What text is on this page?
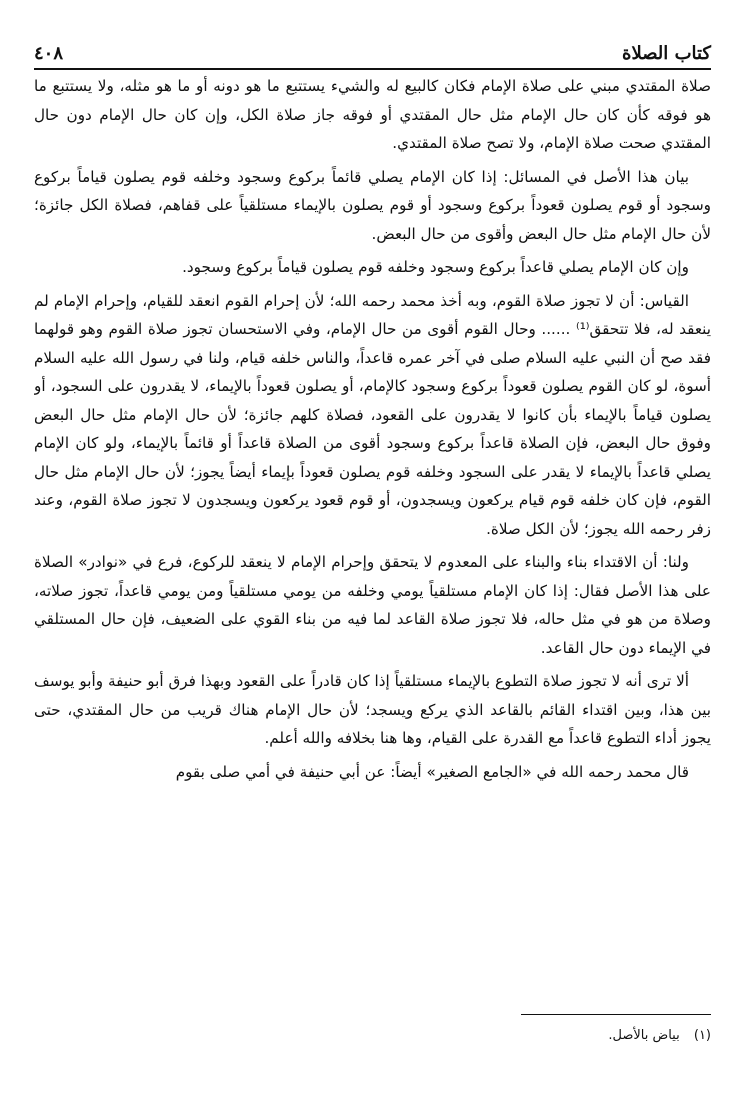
كتاب الصلاة
٤٠٨

صلاة المقتدي مبني على صلاة الإمام فكان كالبيع له والشيء يستتبع ما هو دونه أو ما هو مثله، ولا يستتبع ما هو فوقه كأن كان حال الإمام مثل حال المقتدي أو فوقه جاز صلاة الكل، وإن كان حال الإمام دون حال المقتدي صحت صلاة الإمام، ولا تصح صلاة المقتدي.

بيان هذا الأصل في المسائل: إذا كان الإمام يصلي قائماً بركوع وسجود وخلفه قوم يصلون قياماً بركوع وسجود أو قوم يصلون قعوداً بركوع وسجود أو قوم يصلون بالإيماء مستلقياً على قفاهم، فصلاة الكل جائزة؛ لأن حال الإمام مثل حال البعض وأقوى من حال البعض.

وإن كان الإمام يصلي قاعداً بركوع وسجود وخلفه قوم يصلون قياماً بركوع وسجود.

القياس: أن لا تجوز صلاة القوم، وبه أخذ محمد رحمه الله؛ لأن إحرام القوم انعقد للقيام، وإحرام الإمام لم ينعقد له، فلا تتحقق⁽¹⁾ ...... وحال القوم أقوى من حال الإمام، وفي الاستحسان تجوز صلاة القوم وهو قولهما فقد صح أن النبي عليه السلام صلى في آخر عمره قاعداً، والناس خلفه قيام، ولنا في رسول الله عليه السلام أسوة، لو كان القوم يصلون قعوداً بركوع وسجود كالإمام، أو يصلون قعوداً بالإيماء، لا يقدرون على السجود، أو يصلون قياماً بالإيماء بأن كانوا لا يقدرون على القعود، فصلاة كلهم جائزة؛ لأن حال الإمام مثل حال البعض وفوق حال البعض، فإن الصلاة قاعداً بركوع وسجود أقوى من الصلاة قاعداً أو قائماً بالإيماء، ولو كان الإمام يصلي قاعداً بالإيماء لا يقدر على السجود وخلفه قوم يصلون قعوداً بإيماء أيضاً يجوز؛ لأن حال الإمام مثل حال القوم، فإن كان خلفه قوم قيام يركعون ويسجدون، أو قوم قعود يركعون ويسجدون لا تجوز صلاة القوم، وعند زفر رحمه الله يجوز؛ لأن الكل صلاة.

ولنا: أن الاقتداء بناء والبناء على المعدوم لا يتحقق وإحرام الإمام لا ينعقد للركوع، فرع في «نوادر» الصلاة على هذا الأصل فقال: إذا كان الإمام مستلقياً يومي وخلفه من يومي مستلقياً ومن يومي قاعداً، تجوز صلاته، وصلاة من هو في مثل حاله، فلا تجوز صلاة القاعد لما فيه من بناء القوي على الضعيف، فإن حال المستلقي في الإيماء دون حال القاعد.

ألا ترى أنه لا تجوز صلاة التطوع بالإيماء مستلقياً إذا كان قادراً على القعود وبهذا فرق أبو حنيفة وأبو يوسف بين هذا، وبين اقتداء القائم بالقاعد الذي يركع ويسجد؛ لأن حال الإمام هناك قريب من حال المقتدي، حتى يجوز أداء التطوع قاعداً مع القدرة على القيام، وها هنا بخلافه والله أعلم.

قال محمد رحمه الله في «الجامع الصغير» أيضاً: عن أبي حنيفة في أمي صلى بقوم

(١) بياض بالأصل.
